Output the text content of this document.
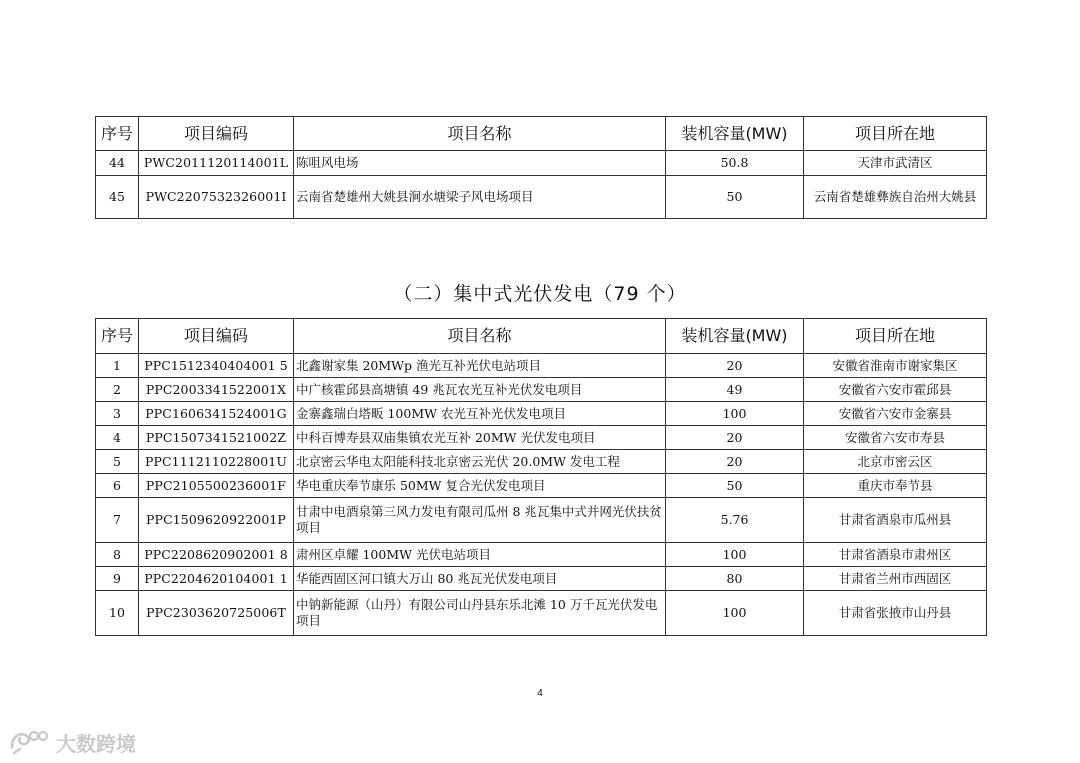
序号	项目编码	项目名称	装机容量(MW)	项目所在地
44	PWC2011120114001L	陈咀风电场	50.8	天津市武清区
45	PWC2207532326001I	云南省楚雄州大姚县涧水塘梁子风电场项目	50	云南省楚雄彝族自治州大姚县
（二）集中式光伏发电（79 个）
序号	项目编码	项目名称	装机容量(MW)	项目所在地
1	PPC1512340404001 5	北鑫谢家集 20MWp 渔光互补光伏电站项目	20	安徽省淮南市谢家集区
2	PPC2003341522001X	中广核霍邱县高塘镇 49 兆瓦农光互补光伏发电项目	49	安徽省六安市霍邱县
3	PPC1606341524001G	金寨鑫瑞白塔畈 100MW 农光互补光伏发电项目	100	安徽省六安市金寨县
4	PPC1507341521002Z	中科百博寿县双庙集镇农光互补 20MW 光伏发电项目	20	安徽省六安市寿县
5	PPC1112110228001U	北京密云华电太阳能科技北京密云光伏 20.0MW 发电工程	20	北京市密云区
6	PPC2105500236001F	华电重庆奉节康乐 50MW 复合光伏发电项目	50	重庆市奉节县
7	PPC1509620922001P	甘肃中电酒泉第三风力发电有限司瓜州 8 兆瓦集中式并网光伏扶贫项目	5.76	甘肃省酒泉市瓜州县
8	PPC2208620902001 8	肃州区卓耀 100MW 光伏电站项目	100	甘肃省酒泉市肃州区
9	PPC2204620104001 1	华能西固区河口镇大万山 80 兆瓦光伏发电项目	80	甘肃省兰州市西固区
10	PPC2303620725006T	中钠新能源（山丹）有限公司山丹县东乐北滩 10 万千瓦光伏发电项目	100	甘肃省张掖市山丹县
4
大数跨境
